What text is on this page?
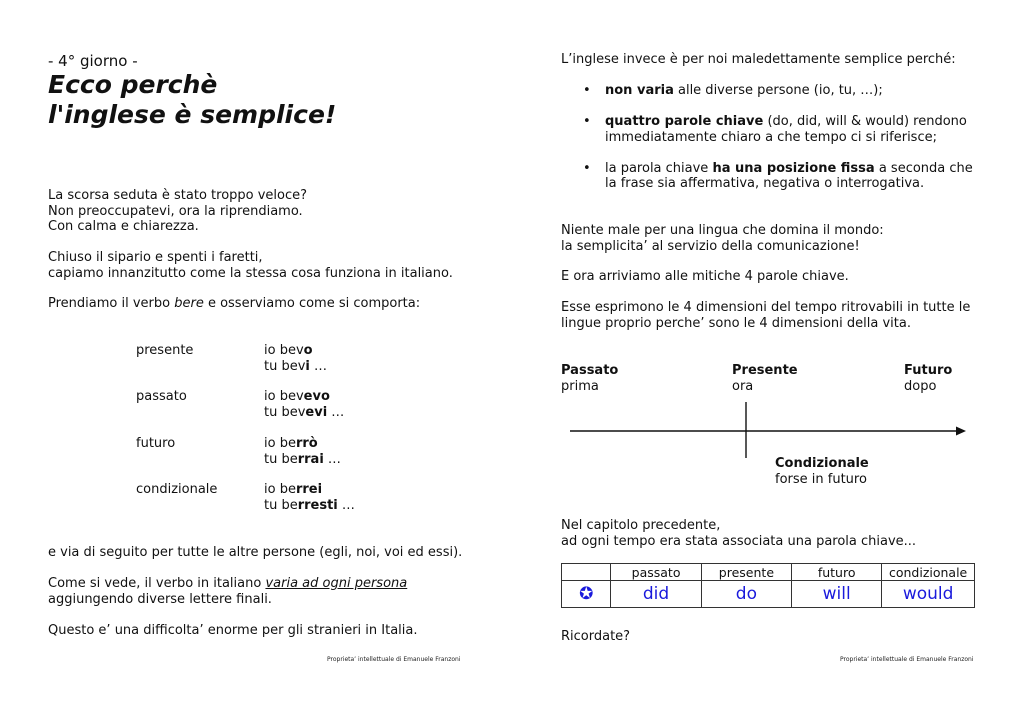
- 4° giorno -
Ecco perchè
l'inglese è semplice!
La scorsa seduta è stato troppo veloce?
Non preoccupatevi, ora la riprendiamo.
Con calma e chiarezza.
Chiuso il sipario e spenti i faretti,
capiamo innanzitutto come la stessa cosa funziona in italiano.
Prendiamo il verbo bere e osserviamo come si comporta:
presente	io bevo
tu bevi …
passato	io bevevo
tu bevevi …
futuro	io berrò
tu berrai …
condizionale	io berrei
tu berresti …
e via di seguito per tutte le altre persone (egli, noi, voi ed essi).
Come si vede, il verbo in italiano varia ad ogni persona
aggiungendo diverse lettere finali.
Questo e’ una difficolta’ enorme per gli stranieri in Italia.
Proprieta’ intellettuale di Emanuele Franzoni
L’inglese invece è per noi maledettamente semplice perché:
• non varia alle diverse persone (io, tu, …);
• quattro parole chiave (do, did, will & would) rendono
immediatamente chiaro a che tempo ci si riferisce;
• la parola chiave ha una posizione fissa a seconda che
la frase sia affermativa, negativa o interrogativa.
Niente male per una lingua che domina il mondo:
la semplicita’ al servizio della comunicazione!
E ora arriviamo alle mitiche 4 parole chiave.
Esse esprimono le 4 dimensioni del tempo ritrovabili in tutte le
lingue proprio perche’ sono le 4 dimensioni della vita.
Passato
prima
Presente
ora
Futuro
dopo
Condizionale
forse in futuro
Nel capitolo precedente,
ad ogni tempo era stata associata una parola chiave...
	passato	presente	futuro	condizionale
✪	did	do	will	would
Ricordate?
Proprieta’ intellettuale di Emanuele Franzoni
